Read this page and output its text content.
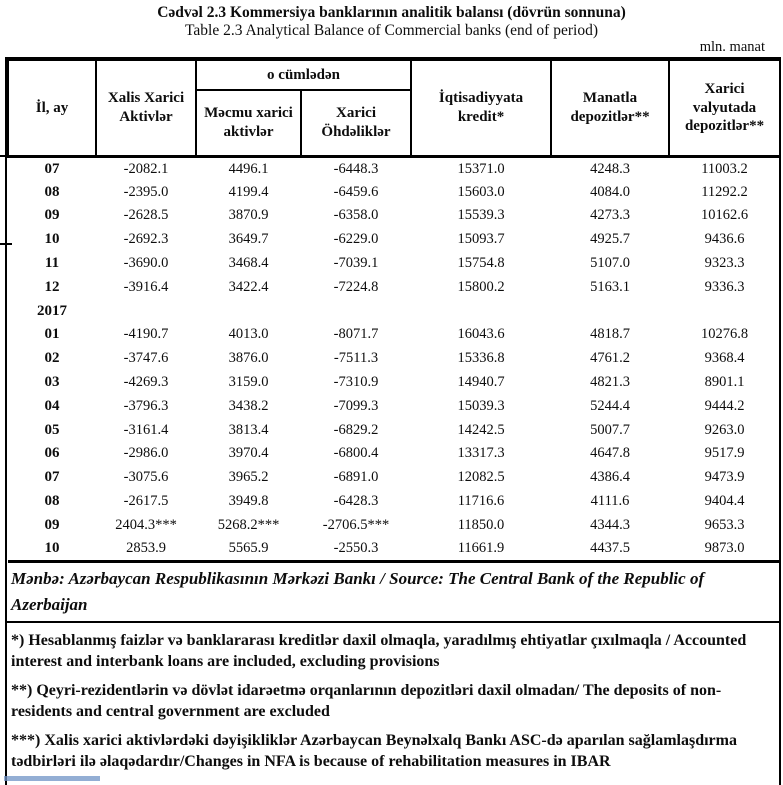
Cədvəl 2.3 Kommersiya banklarının analitik balansı (dövrün sonnuna)
Table 2.3 Analytical Balance of Commercial banks (end of period)
mln. manat
İl, ay	Xalis Xarici Aktivlər	o cümlədən		İqtisadiyyata kredit*	Manatla depozitlər**	Xarici valyutada depozitlər**
		Məcmu xarici aktivlər	Xarici Öhdəliklər			
07	-2082.1	4496.1	-6448.3	15371.0	4248.3	11003.2
08	-2395.0	4199.4	-6459.6	15603.0	4084.0	11292.2
09	-2628.5	3870.9	-6358.0	15539.3	4273.3	10162.6
10	-2692.3	3649.7	-6229.0	15093.7	4925.7	9436.6
11	-3690.0	3468.4	-7039.1	15754.8	5107.0	9323.3
12	-3916.4	3422.4	-7224.8	15800.2	5163.1	9336.3
2017						
01	-4190.7	4013.0	-8071.7	16043.6	4818.7	10276.8
02	-3747.6	3876.0	-7511.3	15336.8	4761.2	9368.4
03	-4269.3	3159.0	-7310.9	14940.7	4821.3	8901.1
04	-3796.3	3438.2	-7099.3	15039.3	5244.4	9444.2
05	-3161.4	3813.4	-6829.2	14242.5	5007.7	9263.0
06	-2986.0	3970.4	-6800.4	13317.3	4647.8	9517.9
07	-3075.6	3965.2	-6891.0	12082.5	4386.4	9473.9
08	-2617.5	3949.8	-6428.3	11716.6	4111.6	9404.4
09	2404.3***	5268.2***	-2706.5***	11850.0	4344.3	9653.3
10	2853.9	5565.9	-2550.3	11661.9	4437.5	9873.0
Mənbə: Azərbaycan Respublikasının Mərkəzi Bankı / Source: The Central Bank of the Republic of Azerbaijan
*) Hesablanmış faizlər və banklararası kreditlər daxil olmaqla, yaradılmış ehtiyatlar çıxılmaqla / Accounted interest and interbank loans are included, excluding provisions
**) Qeyri-rezidentlərin və dövlət idarəetmə orqanlarının depozitləri daxil olmadan/ The deposits of non-residents and central government are excluded
***) Xalis xarici aktivlərdəki dəyişikliklər Azərbaycan Beynəlxalq Bankı ASC-də aparılan sağlamlaşdırma tədbirləri ilə əlaqədardır/Changes in NFA is because of rehabilitation measures in IBAR
